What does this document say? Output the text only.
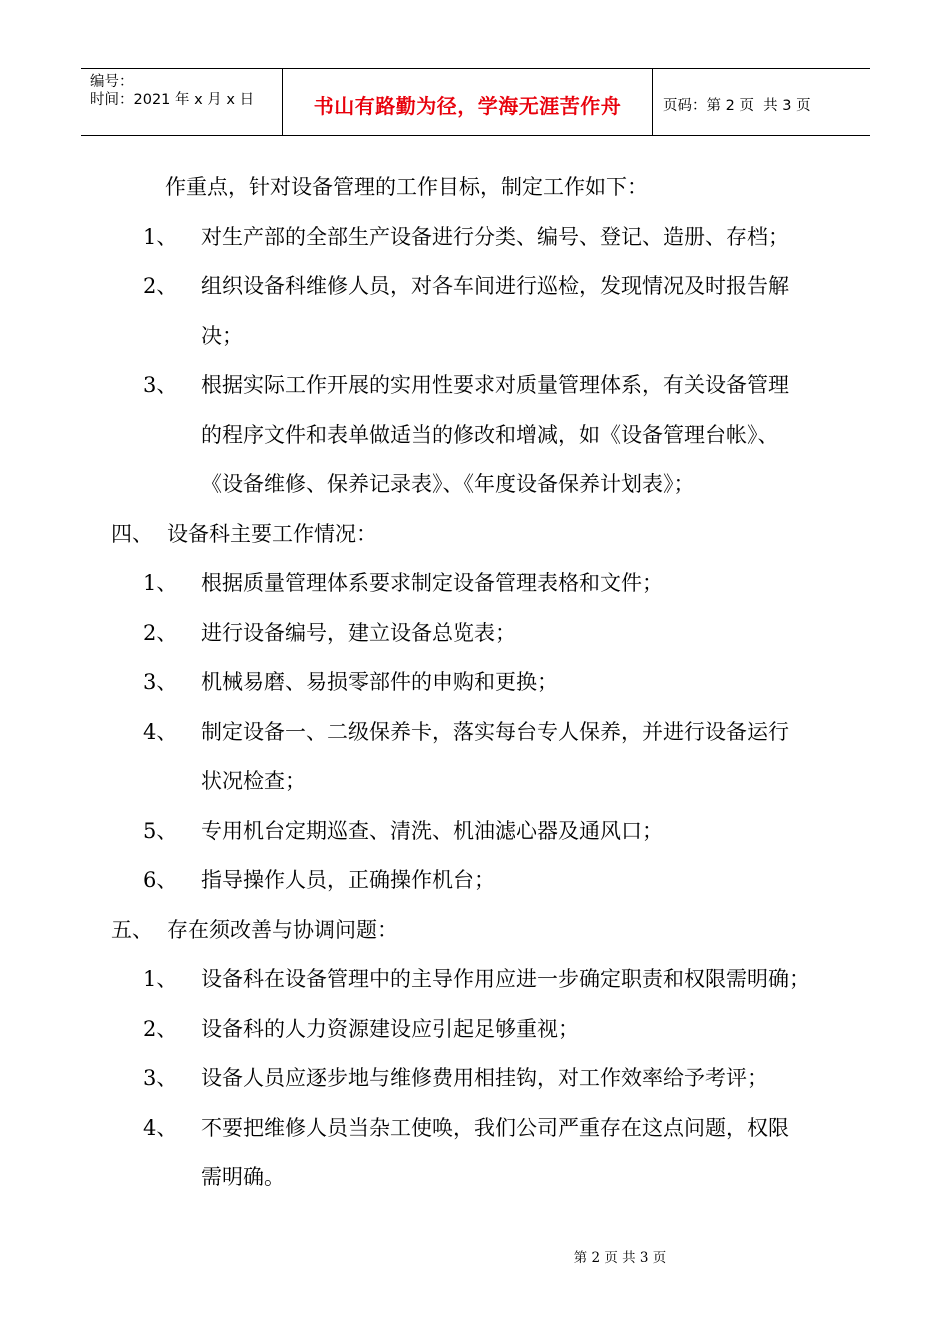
编号：
时间：2021 年 x 月 x 日	书山有路勤为径，学海无涯苦作舟	页码：第 2 页  共 3 页
作重点，针对设备管理的工作目标，制定工作如下：
1、 对生产部的全部生产设备进行分类、编号、登记、造册、存档；
2、 组织设备科维修人员，对各车间进行巡检，发现情况及时报告解
决；
3、 根据实际工作开展的实用性要求对质量管理体系，有关设备管理
的程序文件和表单做适当的修改和增减，如《设备管理台帐》、
《设备维修、保养记录表》、《年度设备保养计划表》；
四、 设备科主要工作情况：
1、 根据质量管理体系要求制定设备管理表格和文件；
2、 进行设备编号，建立设备总览表；
3、 机械易磨、易损零部件的申购和更换；
4、 制定设备一、二级保养卡，落实每台专人保养，并进行设备运行
状况检查；
5、 专用机台定期巡查、清洗、机油滤心器及通风口；
6、 指导操作人员，正确操作机台；
五、 存在须改善与协调问题：
1、 设备科在设备管理中的主导作用应进一步确定职责和权限需明确；
2、 设备科的人力资源建设应引起足够重视；
3、 设备人员应逐步地与维修费用相挂钩，对工作效率给予考评；
4、 不要把维修人员当杂工使唤，我们公司严重存在这点问题，权限
需明确。
第 2 页 共 3 页
